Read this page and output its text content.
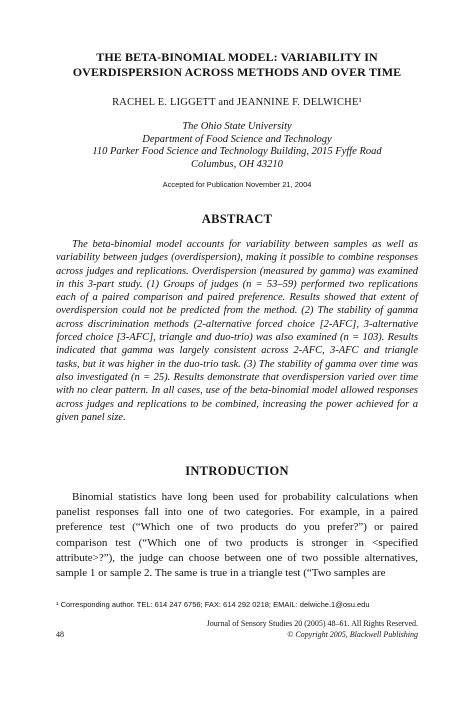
THE BETA-BINOMIAL MODEL: VARIABILITY IN
OVERDISPERSION ACROSS METHODS AND OVER TIME
RACHEL E. LIGGETT and JEANNINE F. DELWICHE¹
The Ohio State University
Department of Food Science and Technology
110 Parker Food Science and Technology Building, 2015 Fyffe Road
Columbus, OH 43210
Accepted for Publication November 21, 2004
ABSTRACT

The beta-binomial model accounts for variability between samples as well as variability between judges (overdispersion), making it possible to combine responses across judges and replications. Overdispersion (measured by gamma) was examined in this 3-part study. (1) Groups of judges (n = 53–59) performed two replications each of a paired comparison and paired preference. Results showed that extent of overdispersion could not be predicted from the method. (2) The stability of gamma across discrimination methods (2-alternative forced choice [2-AFC], 3-alternative forced choice [3-AFC], triangle and duo-trio) was also examined (n = 103). Results indicated that gamma was largely consistent across 2-AFC, 3-AFC and triangle tasks, but it was higher in the duo-trio task. (3) The stability of gamma over time was also investigated (n = 25). Results demonstrate that overdispersion varied over time with no clear pattern. In all cases, use of the beta-binomial model allowed responses across judges and replications to be combined, increasing the power achieved for a given panel size.

INTRODUCTION

Binomial statistics have long been used for probability calculations when panelist responses fall into one of two categories. For example, in a paired preference test (“Which one of two products do you prefer?”) or paired comparison test (“Which one of two products is stronger in <specified attribute>?”), the judge can choose between one of two possible alternatives, sample 1 or sample 2. The same is true in a triangle test (“Two samples are

¹ Corresponding author. TEL: 614 247 6756; FAX: 614 292 0218; EMAIL: delwiche.1@osu.edu
Journal of Sensory Studies 20 (2005) 48–61. All Rights Reserved.
© Copyright 2005, Blackwell Publishing
48
